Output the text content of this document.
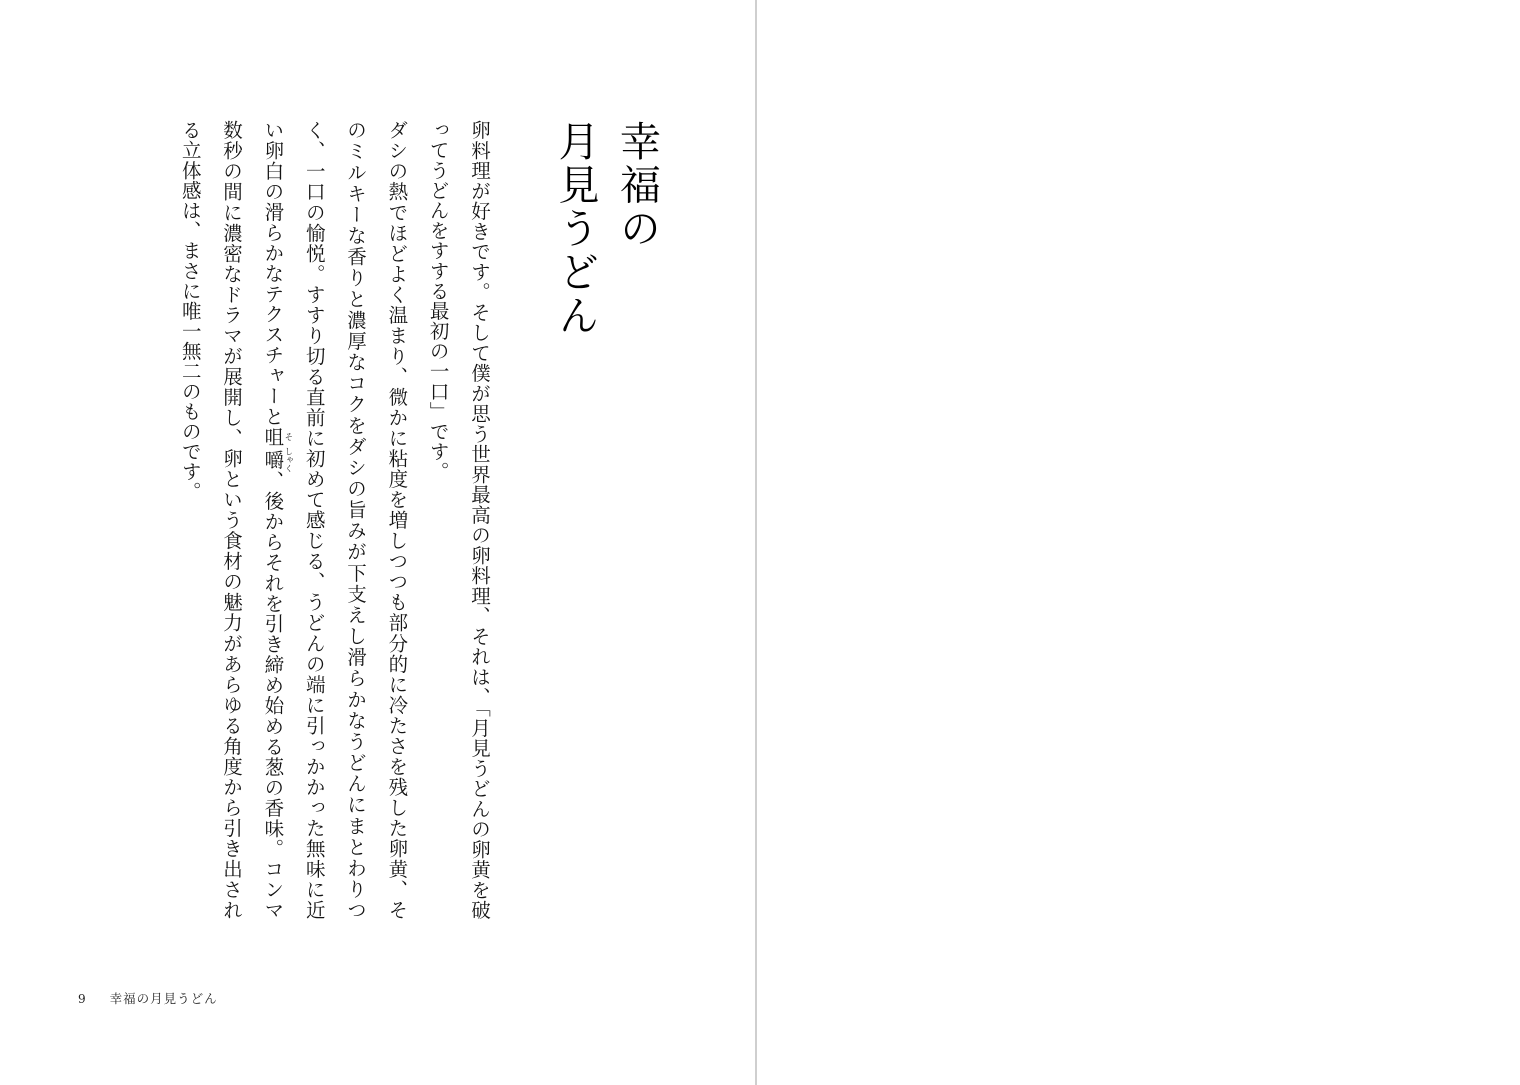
幸福の
月見うどん

卵料理が好きです。そして僕が思う世界最高の卵料理、それは、「月見うどんの卵黄を破ってうどんをすする最初の一口」です。

ダシの熱でほどよく温まり、微かに粘度を増しつつも部分的に冷たさを残した卵黄、そのミルキーな香りと濃厚なコクをダシの旨みが下支えし滑らかなうどんにまとわりつく、一口の愉悦。すすり切る直前に初めて感じる、うどんの端に引っかかった無味に近い卵白の滑らかなテクスチャーと咀そ嚼しゃく、後からそれを引き締め始める葱の香味。コンマ数秒の間に濃密なドラマが展開し、卵という食材の魅力があらゆる角度から引き出される立体感は、まさに唯一無二のものです。

9 幸福の月見うどん
